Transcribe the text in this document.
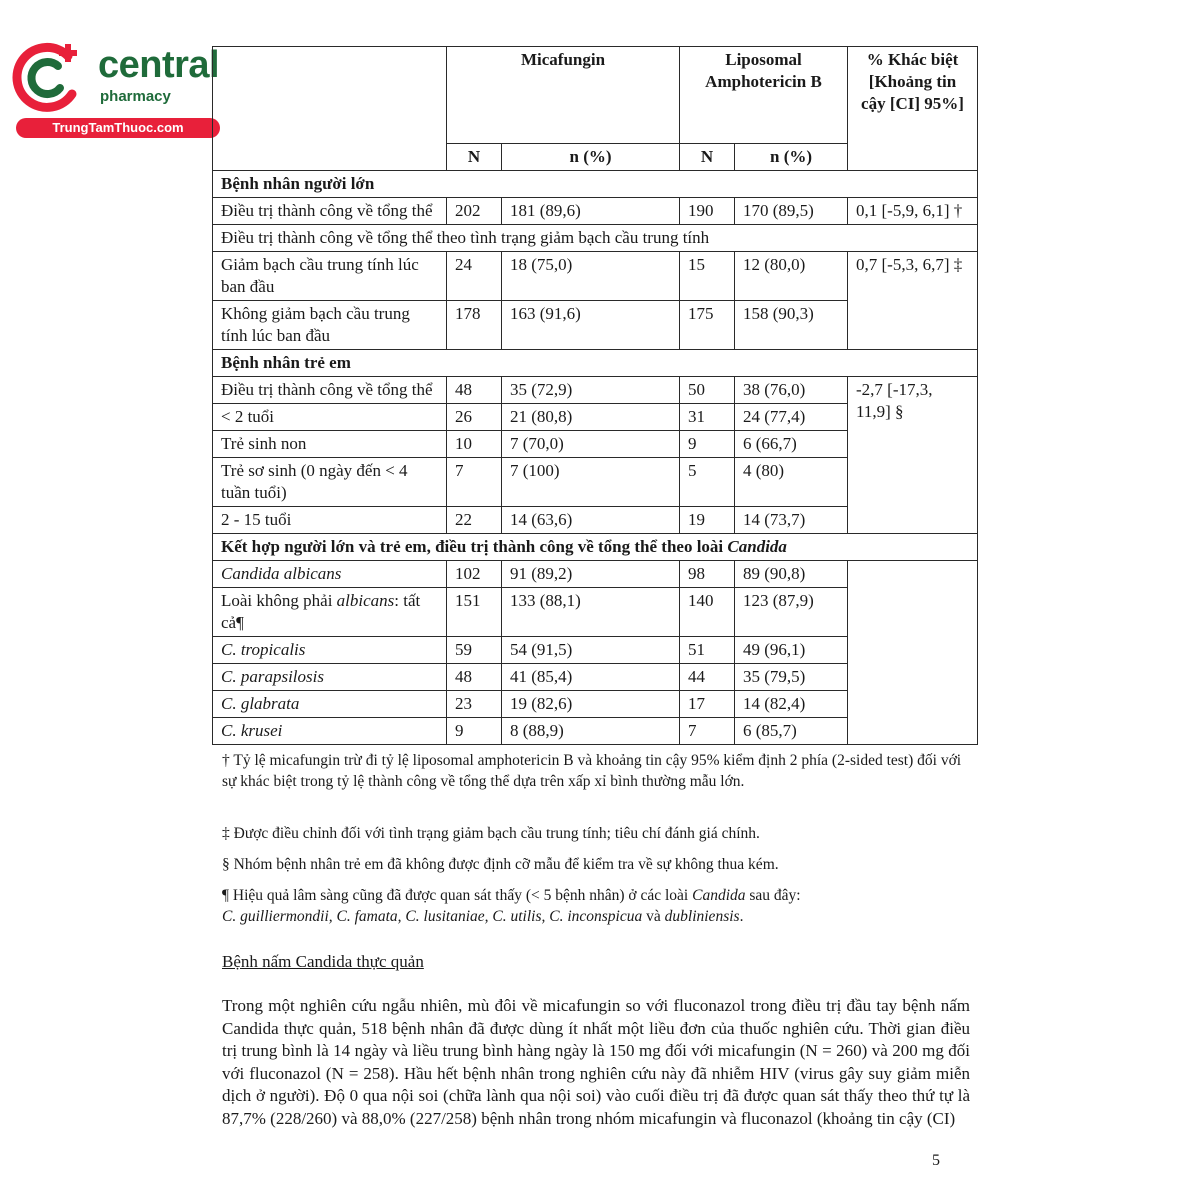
central
pharmacy
TrungTamThuoc.com
	Micafungin		Liposomal Amphotericin B		% Khác biệt [Khoảng tin cậy [CI] 95%]
	N	n (%)	N	n (%)	
Bệnh nhân người lớn					
Điều trị thành công về tổng thể	202	181 (89,6)	190	170 (89,5)	0,1 [-5,9, 6,1] †
Điều trị thành công về tổng thể theo tình trạng giảm bạch cầu trung tính					
Giảm bạch cầu trung tính lúc ban đầu	24	18 (75,0)	15	12 (80,0)	0,7 [-5,3, 6,7] ‡
Không giảm bạch cầu trung tính lúc ban đầu	178	163 (91,6)	175	158 (90,3)	
Bệnh nhân trẻ em					
Điều trị thành công về tổng thể	48	35 (72,9)	50	38 (76,0)	-2,7 [-17,3, 11,9] §
< 2 tuổi	26	21 (80,8)	31	24 (77,4)	
Trẻ sinh non	10	7 (70,0)	9	6 (66,7)	
Trẻ sơ sinh (0 ngày đến < 4 tuần tuổi)	7	7 (100)	5	4 (80)	
2 - 15 tuổi	22	14 (63,6)	19	14 (73,7)	
Kết hợp người lớn và trẻ em, điều trị thành công về tổng thể theo loài Candida					
Candida albicans	102	91 (89,2)	98	89 (90,8)	
Loài không phải albicans: tất cả¶	151	133 (88,1)	140	123 (87,9)	
C. tropicalis	59	54 (91,5)	51	49 (96,1)	
C. parapsilosis	48	41 (85,4)	44	35 (79,5)	
C. glabrata	23	19 (82,6)	17	14 (82,4)	
C. krusei	9	8 (88,9)	7	6 (85,7)	

† Tỷ lệ micafungin trừ đi tỷ lệ liposomal amphotericin B và khoảng tin cậy 95% kiểm định 2 phía (2-sided test) đối với sự khác biệt trong tỷ lệ thành công về tổng thể dựa trên xấp xỉ bình thường mẫu lớn.

‡ Được điều chỉnh đối với tình trạng giảm bạch cầu trung tính; tiêu chí đánh giá chính.

§ Nhóm bệnh nhân trẻ em đã không được định cỡ mẫu để kiểm tra về sự không thua kém.

¶ Hiệu quả lâm sàng cũng đã được quan sát thấy (< 5 bệnh nhân) ở các loài Candida sau đây:
C. guilliermondii, C. famata, C. lusitaniae, C. utilis, C. inconspicua và dubliniensis.

Bệnh nấm Candida thực quản

Trong một nghiên cứu ngẫu nhiên, mù đôi về micafungin so với fluconazol trong điều trị đầu tay bệnh nấm Candida thực quản, 518 bệnh nhân đã được dùng ít nhất một liều đơn của thuốc nghiên cứu. Thời gian điều trị trung bình là 14 ngày và liều trung bình hàng ngày là 150 mg đối với micafungin (N = 260) và 200 mg đối với fluconazol (N = 258). Hầu hết bệnh nhân trong nghiên cứu này đã nhiễm HIV (virus gây suy giảm miễn dịch ở người). Độ 0 qua nội soi (chữa lành qua nội soi) vào cuối điều trị đã được quan sát thấy theo thứ tự là 87,7% (228/260) và 88,0% (227/258) bệnh nhân trong nhóm micafungin và fluconazol (khoảng tin cậy (CI)

5
